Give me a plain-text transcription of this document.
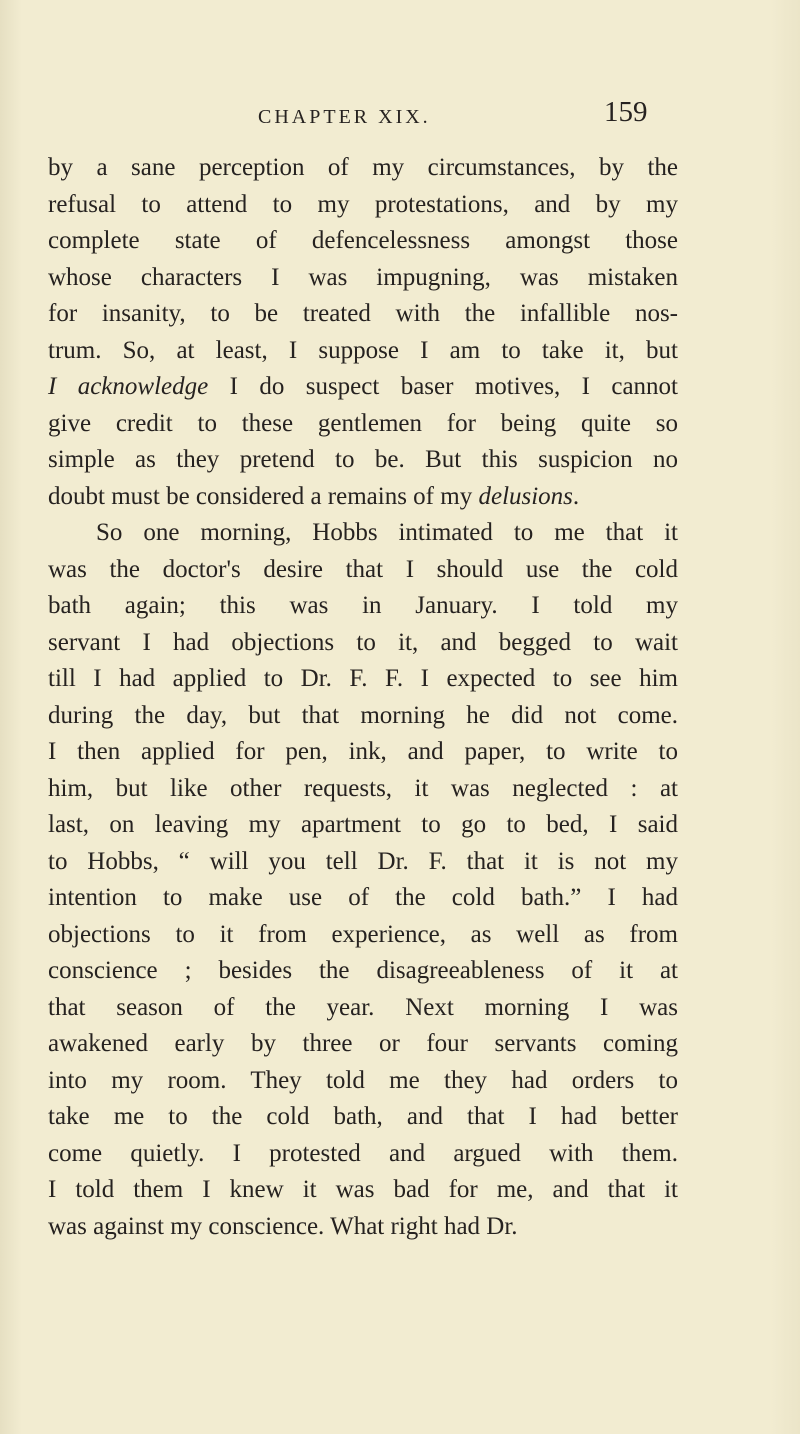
CHAPTER XIX.	159
by a sane perception of my circumstances, by the
refusal to attend to my protestations, and by my
complete state of defencelessness amongst those
whose characters I was impugning, was mistaken
for insanity, to be treated with the infallible nos-
trum. So, at least, I suppose I am to take it, but
I acknowledge I do suspect baser motives, I cannot
give credit to these gentlemen for being quite so
simple as they pretend to be. But this suspicion no
doubt must be considered a remains of my delusions.
So one morning, Hobbs intimated to me that it
was the doctor's desire that I should use the cold
bath again; this was in January. I told my
servant I had objections to it, and begged to wait
till I had applied to Dr. F. F. I expected to see him
during the day, but that morning he did not come.
I then applied for pen, ink, and paper, to write to
him, but like other requests, it was neglected : at
last, on leaving my apartment to go to bed, I said
to Hobbs, “ will you tell Dr. F. that it is not my
intention to make use of the cold bath.” I had
objections to it from experience, as well as from
conscience ; besides the disagreeableness of it at
that season of the year. Next morning I was
awakened early by three or four servants coming
into my room. They told me they had orders to
take me to the cold bath, and that I had better
come quietly. I protested and argued with them.
I told them I knew it was bad for me, and that it
was against my conscience. What right had Dr.
